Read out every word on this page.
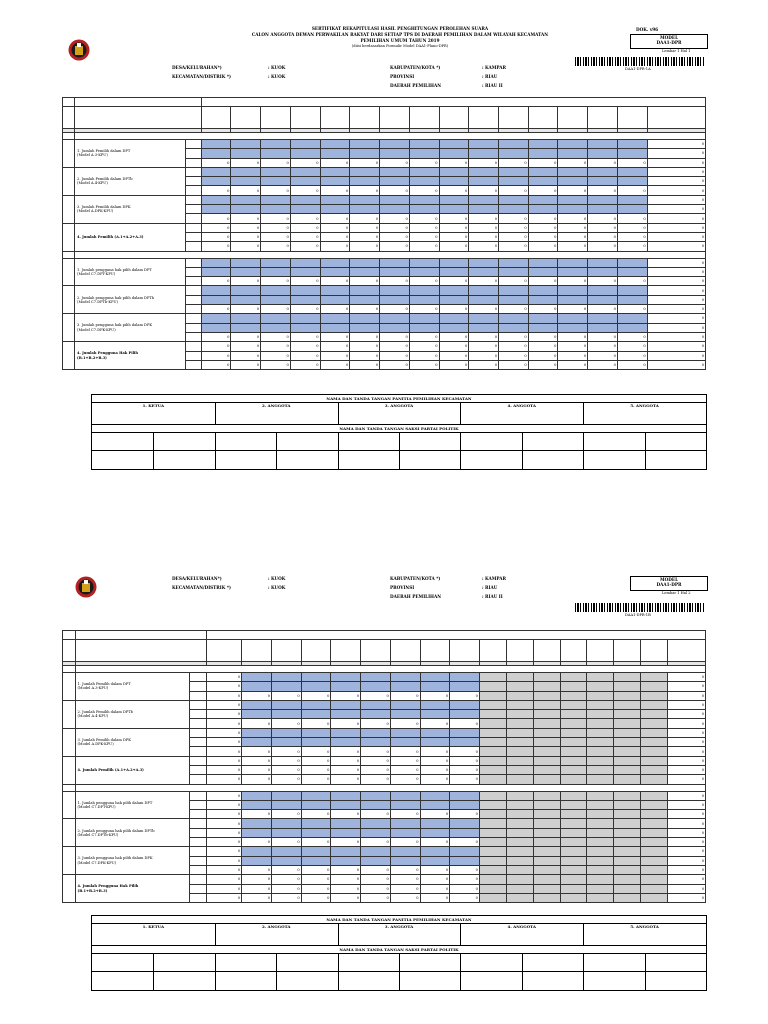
SERTIFIKAT REKAPITULASI HASIL PENGHITUNGAN PEROLEHAN SUARA
CALON ANGGOTA DEWAN PERWAKILAN RAKYAT DARI SETIAP TPS DI DAERAH PEMILIHAN DALAM WILAYAH KECAMATAN
PEMILIHAN UMUM TAHUN 2019
(diisi berdasarkan Formulir Model DAA1-Plano-DPR)
DOK. v96
MODEL
DAA1-DPR
Lembar 1 Hal 1
DAA1-DPR-1A
DESA/KELURAHAN*)	: KUOK
KECAMATAN/DISTRIK *)	: KUOK
KABUPATEN/KOTA *)	: KAMPAR
PROVINSI	: RIAU
DAERAH PEMILIHAN	: RIAU II

	1. Jumlah Pemilih dalam DPT
(Model A.3-KPU)																	0
																		0
			0	0	0	0	0	0	0	0	0	0	0	0	0	0	0	0
	2. Jumlah Pemilih dalam DPTb
(Model A.4-KPU)																	0
																		0
			0	0	0	0	0	0	0	0	0	0	0	0	0	0	0	0
	3. Jumlah Pemilih dalam DPK
(Model A.DPK-KPU)																	0
																		0
			0	0	0	0	0	0	0	0	0	0	0	0	0	0	0	0
	4. Jumlah Pemilih (A.1+A.2+A.3)		0	0	0	0	0	0	0	0	0	0	0	0	0	0	0	0
			0	0	0	0	0	0	0	0	0	0	0	0	0	0	0	0
			0	0	0	0	0	0	0	0	0	0	0	0	0	0	0	0

	1. Jumlah pengguna hak pilih dalam DPT
(Model C7.DPT-KPU)																	0
																		0
			0	0	0	0	0	0	0	0	0	0	0	0	0	0	0	0
	2. Jumlah pengguna hak pilih dalam DPTb
(Model C7.DPTb-KPU)																	0
																		0
			0	0	0	0	0	0	0	0	0	0	0	0	0	0	0	0
	3. Jumlah pengguna hak pilih dalam DPK
(Model C7.DPK-KPU)																	0
																		0
			0	0	0	0	0	0	0	0	0	0	0	0	0	0	0	0
	4. Jumlah Pengguna Hak Pilih
(B.1+B.2+B.3)		0	0	0	0	0	0	0	0	0	0	0	0	0	0	0	0
			0	0	0	0	0	0	0	0	0	0	0	0	0	0	0	0
			0	0	0	0	0	0	0	0	0	0	0	0	0	0	0	0
NAMA DAN TANDA TANGAN PANITIA PEMILIHAN KECAMATAN
1. KETUA	2. ANGGOTA	3. ANGGOTA	4. ANGGOTA	5. ANGGOTA
NAMA DAN TANDA TANGAN SAKSI PARTAI POLITIK
DESA/KELURAHAN*)	: KUOK
KECAMATAN/DISTRIK *)	: KUOK
KABUPATEN/KOTA *)	: KAMPAR
PROVINSI	: RIAU
DAERAH PEMILIHAN	: RIAU II
MODEL
DAA1-DPR
Lembar 1 Hal 2
DAA1-DPR-1B

	1. Jumlah Pemilih dalam DPT
(Model A.3-KPU)		0																0
			0																0
			0	0	0	0	0	0	0	0	0								0
	2. Jumlah Pemilih dalam DPTb
(Model A.4-KPU)		0																0
			0																0
			0	0	0	0	0	0	0	0	0								0
	3. Jumlah Pemilih dalam DPK
(Model A.DPK-KPU)		0																0
			0																0
			0	0	0	0	0	0	0	0	0								0
	4. Jumlah Pemilih (A.1+A.2+A.3)		0	0	0	0	0	0	0	0	0								0
			0	0	0	0	0	0	0	0	0								0
			0	0	0	0	0	0	0	0	0								0

	1. Jumlah pengguna hak pilih dalam DPT
(Model C7.DPT-KPU)		0																0
			0																0
			0	0	0	0	0	0	0	0	0								0
	2. Jumlah pengguna hak pilih dalam DPTb
(Model C7.DPTb-KPU)		0																0
			0																0
			0	0	0	0	0	0	0	0	0								0
	3. Jumlah pengguna hak pilih dalam DPK
(Model C7.DPK-KPU)		0																0
			0																0
			0	0	0	0	0	0	0	0	0								0
	4. Jumlah Pengguna Hak Pilih
(B.1+B.2+B.3)		0	0	0	0	0	0	0	0	0								0
			0	0	0	0	0	0	0	0	0								0
			0	0	0	0	0	0	0	0	0								0
NAMA DAN TANDA TANGAN PANITIA PEMILIHAN KECAMATAN
1. KETUA	2. ANGGOTA	3. ANGGOTA	4. ANGGOTA	5. ANGGOTA
NAMA DAN TANDA TANGAN SAKSI PARTAI POLITIK
